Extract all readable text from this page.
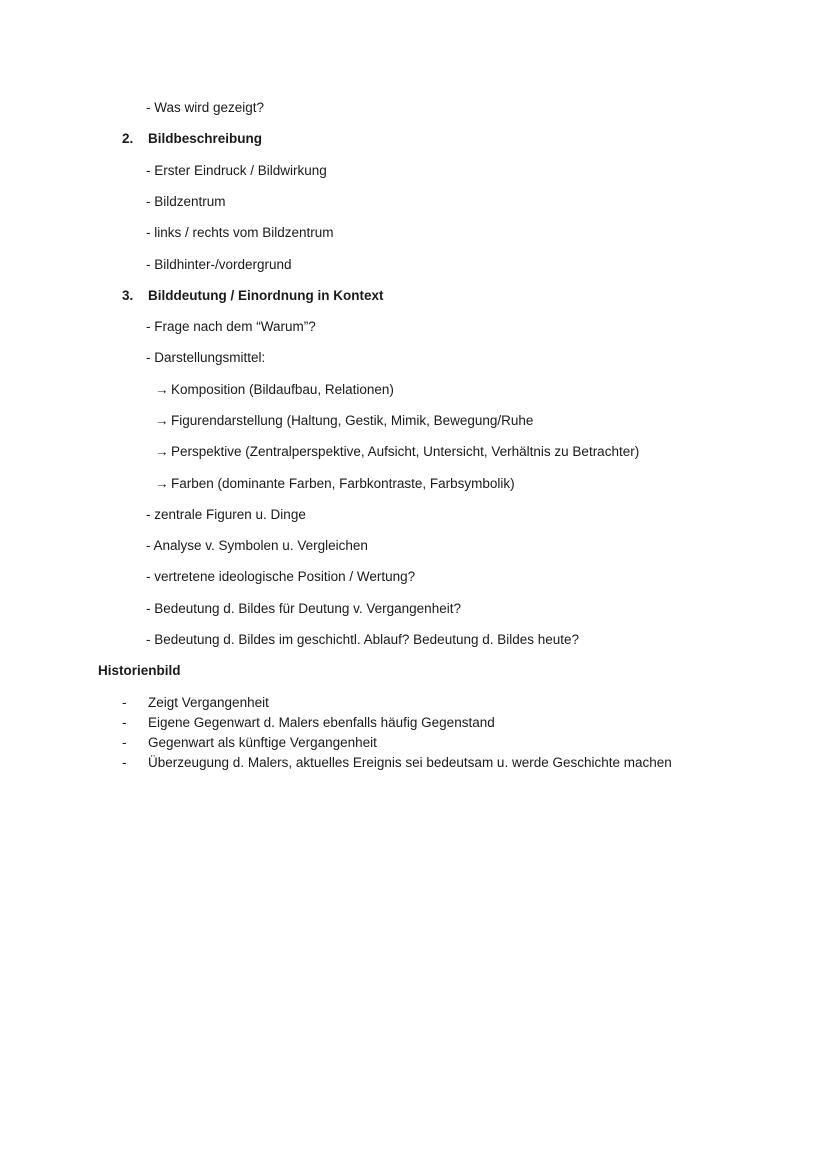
- Was wird gezeigt?
2. Bildbeschreibung
- Erster Eindruck / Bildwirkung
- Bildzentrum
- links / rechts vom Bildzentrum
- Bildhinter-/vordergrund
3. Bilddeutung / Einordnung in Kontext
- Frage nach dem “Warum”?
- Darstellungsmittel:
→ Komposition (Bildaufbau, Relationen)
→ Figurendarstellung (Haltung, Gestik, Mimik, Bewegung/Ruhe
→ Perspektive (Zentralperspektive, Aufsicht, Untersicht, Verhältnis zu Betrachter)
→ Farben (dominante Farben, Farbkontraste, Farbsymbolik)
- zentrale Figuren u. Dinge
- Analyse v. Symbolen u. Vergleichen
- vertretene ideologische Position / Wertung?
- Bedeutung d. Bildes für Deutung v. Vergangenheit?
- Bedeutung d. Bildes im geschichtl. Ablauf? Bedeutung d. Bildes heute?
Historienbild
- Zeigt Vergangenheit
- Eigene Gegenwart d. Malers ebenfalls häufig Gegenstand
- Gegenwart als künftige Vergangenheit
- Überzeugung d. Malers, aktuelles Ereignis sei bedeutsam u. werde Geschichte machen
